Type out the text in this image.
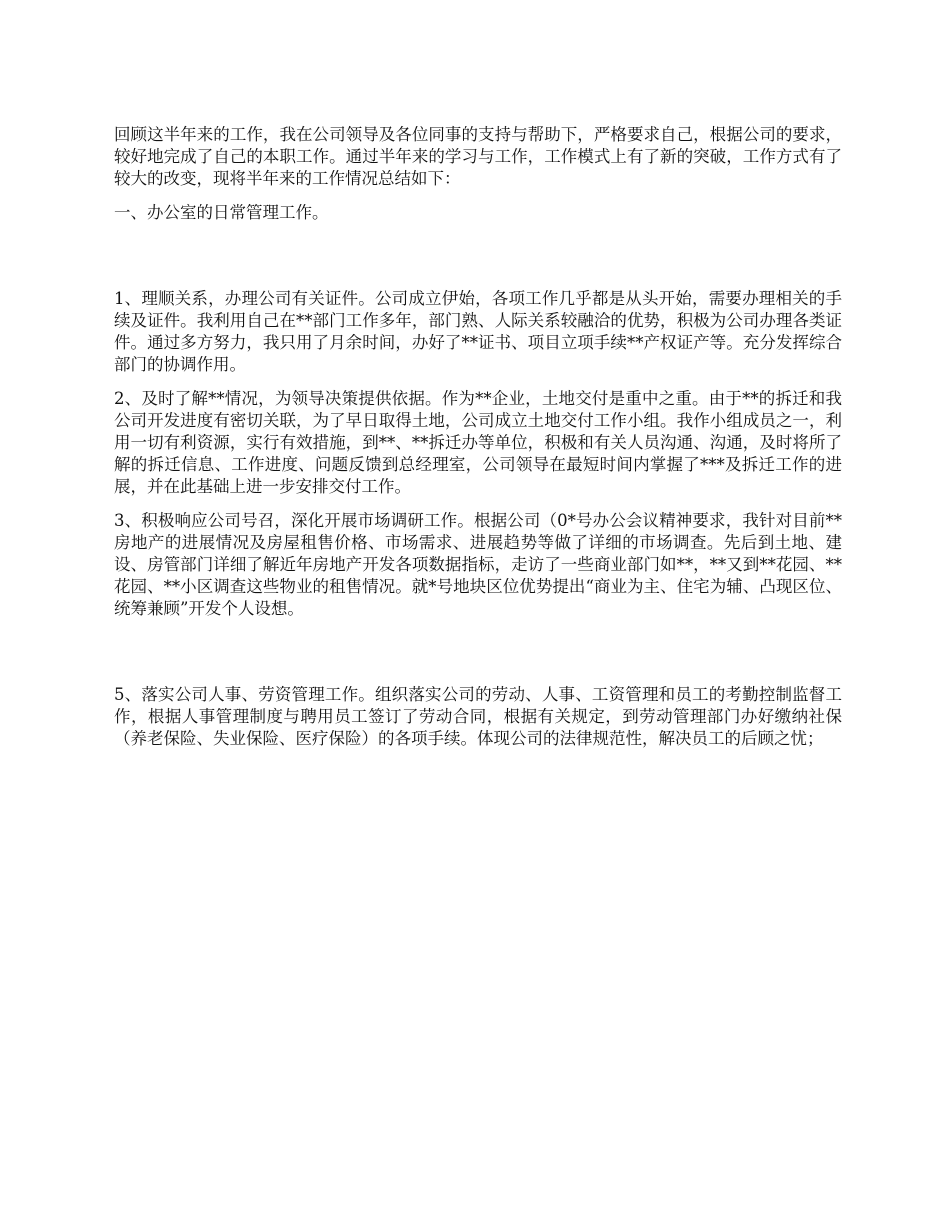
回顾这半年来的工作，我在公司领导及各位同事的支持与帮助下，严格要求自己，根据公司的要求，较好地完成了自己的本职工作。通过半年来的学习与工作，工作模式上有了新的突破，工作方式有了较大的改变，现将半年来的工作情况总结如下：

一、办公室的日常管理工作。

1、理顺关系，办理公司有关证件。公司成立伊始，各项工作几乎都是从头开始，需要办理相关的手续及证件。我利用自己在**部门工作多年，部门熟、人际关系较融洽的优势，积极为公司办理各类证件。通过多方努力，我只用了月余时间，办好了**证书、项目立项手续**产权证产等。充分发挥综合部门的协调作用。

2、及时了解**情况，为领导决策提供依据。作为**企业，土地交付是重中之重。由于**的拆迁和我公司开发进度有密切关联，为了早日取得土地，公司成立土地交付工作小组。我作小组成员之一，利用一切有利资源，实行有效措施，到**、**拆迁办等单位，积极和有关人员沟通、沟通，及时将所了解的拆迁信息、工作进度、问题反馈到总经理室，公司领导在最短时间内掌握了***及拆迁工作的进展，并在此基础上进一步安排交付工作。

3、积极响应公司号召，深化开展市场调研工作。根据公司（0*号办公会议精神要求，我针对目前**房地产的进展情况及房屋租售价格、市场需求、进展趋势等做了详细的市场调查。先后到土地、建设、房管部门详细了解近年房地产开发各项数据指标，走访了一些商业部门如**，**又到**花园、**花园、**小区调查这些物业的租售情况。就*号地块区位优势提出“商业为主、住宅为辅、凸现区位、统筹兼顾”开发个人设想。

5、落实公司人事、劳资管理工作。组织落实公司的劳动、人事、工资管理和员工的考勤控制监督工作，根据人事管理制度与聘用员工签订了劳动合同，根据有关规定，到劳动管理部门办好缴纳社保（养老保险、失业保险、医疗保险）的各项手续。体现公司的法律规范性，解决员工的后顾之忧；
